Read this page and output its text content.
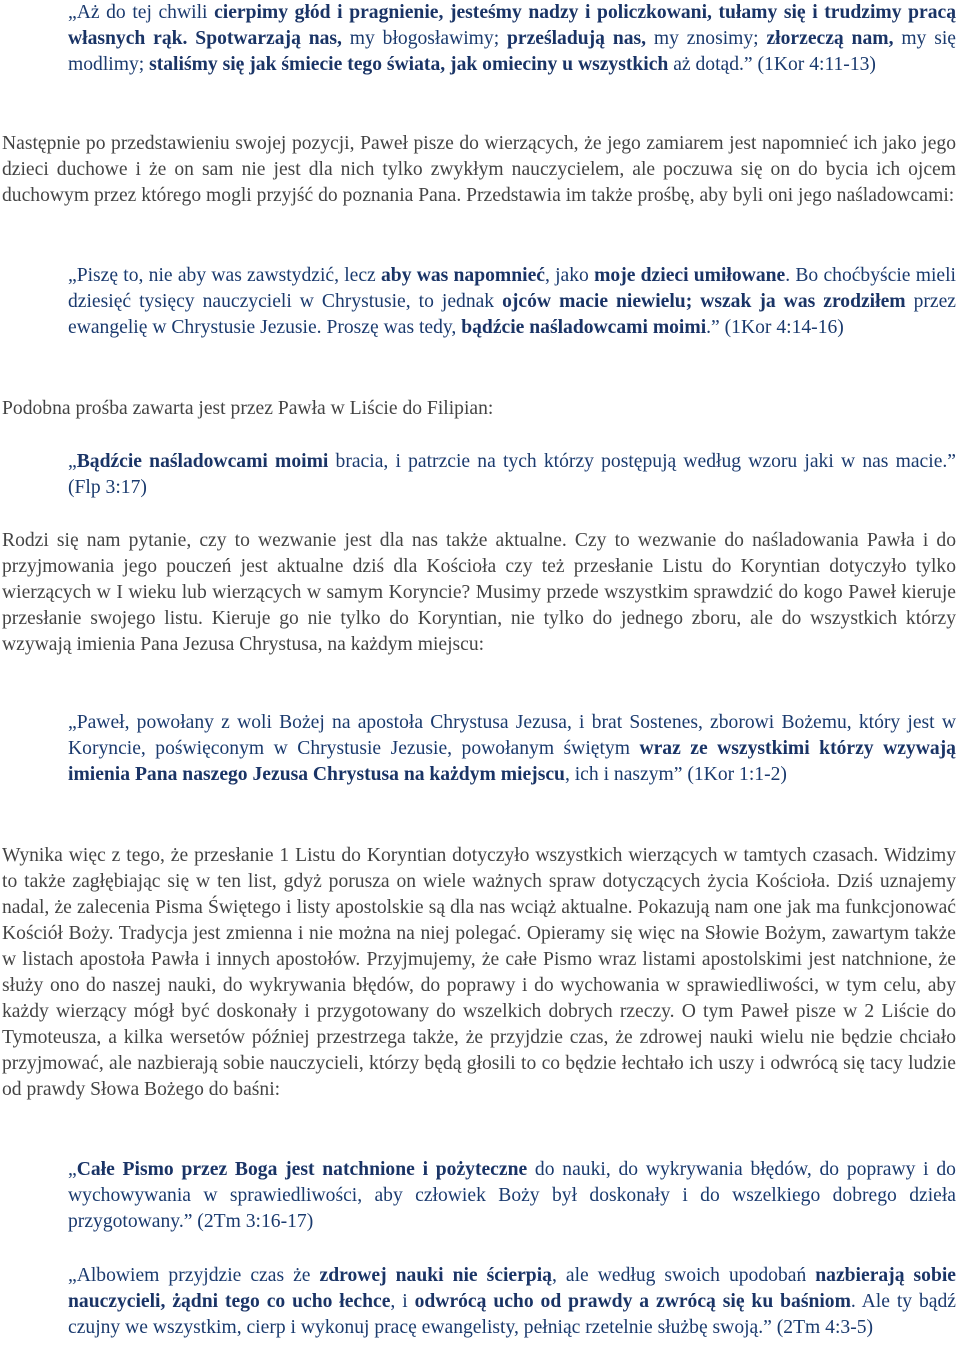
„Aż do tej chwili cierpimy głód i pragnienie, jesteśmy nadzy i policzkowani, tułamy się i trudzimy pracą własnych rąk. Spotwarzają nas, my błogosławimy; prześladują nas, my znosimy; złorzeczą nam, my się modlimy; staliśmy się jak śmiecie tego świata, jak omieciny u wszystkich aż dotąd.” (1Kor 4:11-13)

Następnie po przedstawieniu swojej pozycji, Paweł pisze do wierzących, że jego zamiarem jest napomnieć ich jako jego dzieci duchowe i że on sam nie jest dla nich tylko zwykłym nauczycielem, ale poczuwa się on do bycia ich ojcem duchowym przez którego mogli przyjść do poznania Pana. Przedstawia im także prośbę, aby byli oni jego naśladowcami:

„Piszę to, nie aby was zawstydzić, lecz aby was napomnieć, jako moje dzieci umiłowane. Bo choćbyście mieli dziesięć tysięcy nauczycieli w Chrystusie, to jednak ojców macie niewielu; wszak ja was zrodziłem przez ewangelię w Chrystusie Jezusie. Proszę was tedy, bądźcie naśladowcami moimi.” (1Kor 4:14-16)

Podobna prośba zawarta jest przez Pawła w Liście do Filipian:

„Bądźcie naśladowcami moimi bracia, i patrzcie na tych którzy postępują według wzoru jaki w nas macie.” (Flp 3:17)

Rodzi się nam pytanie, czy to wezwanie jest dla nas także aktualne. Czy to wezwanie do naśladowania Pawła i do przyjmowania jego pouczeń jest aktualne dziś dla Kościoła czy też przesłanie Listu do Koryntian dotyczyło tylko wierzących w I wieku lub wierzących w samym Koryncie? Musimy przede wszystkim sprawdzić do kogo Paweł kieruje przesłanie swojego listu. Kieruje go nie tylko do Koryntian, nie tylko do jednego zboru, ale do wszystkich którzy wzywają imienia Pana Jezusa Chrystusa, na każdym miejscu:

„Paweł, powołany z woli Bożej na apostoła Chrystusa Jezusa, i brat Sostenes, zborowi Bożemu, który jest w Koryncie, poświęconym w Chrystusie Jezusie, powołanym świętym wraz ze wszystkimi którzy wzywają imienia Pana naszego Jezusa Chrystusa na każdym miejscu, ich i naszym” (1Kor 1:1-2)

Wynika więc z tego, że przesłanie 1 Listu do Koryntian dotyczyło wszystkich wierzących w tamtych czasach. Widzimy to także zagłębiając się w ten list, gdyż porusza on wiele ważnych spraw dotyczących życia Kościoła. Dziś uznajemy nadal, że zalecenia Pisma Świętego i listy apostolskie są dla nas wciąż aktualne. Pokazują nam one jak ma funkcjonować Kościół Boży. Tradycja jest zmienna i nie można na niej polegać. Opieramy się więc na Słowie Bożym, zawartym także w listach apostoła Pawła i innych apostołów. Przyjmujemy, że całe Pismo wraz listami apostolskimi jest natchnione, że służy ono do naszej nauki, do wykrywania błędów, do poprawy i do wychowania w sprawiedliwości, w tym celu, aby każdy wierzący mógł być doskonały i przygotowany do wszelkich dobrych rzeczy. O tym Paweł pisze w 2 Liście do Tymoteusza, a kilka wersetów później przestrzega także, że przyjdzie czas, że zdrowej nauki wielu nie będzie chciało przyjmować, ale nazbierają sobie nauczycieli, którzy będą głosili to co będzie łechtało ich uszy i odwrócą się tacy ludzie od prawdy Słowa Bożego do baśni:

„Całe Pismo przez Boga jest natchnione i pożyteczne do nauki, do wykrywania błędów, do poprawy i do wychowywania w sprawiedliwości, aby człowiek Boży był doskonały i do wszelkiego dobrego dzieła przygotowany.” (2Tm 3:16-17)

„Albowiem przyjdzie czas że zdrowej nauki nie ścierpią, ale według swoich upodobań nazbierają sobie nauczycieli, żądni tego co ucho łechce, i odwrócą ucho od prawdy a zwrócą się ku baśniom. Ale ty bądź czujny we wszystkim, cierp i wykonuj pracę ewangelisty, pełniąc rzetelnie służbę swoją.” (2Tm 4:3-5)
